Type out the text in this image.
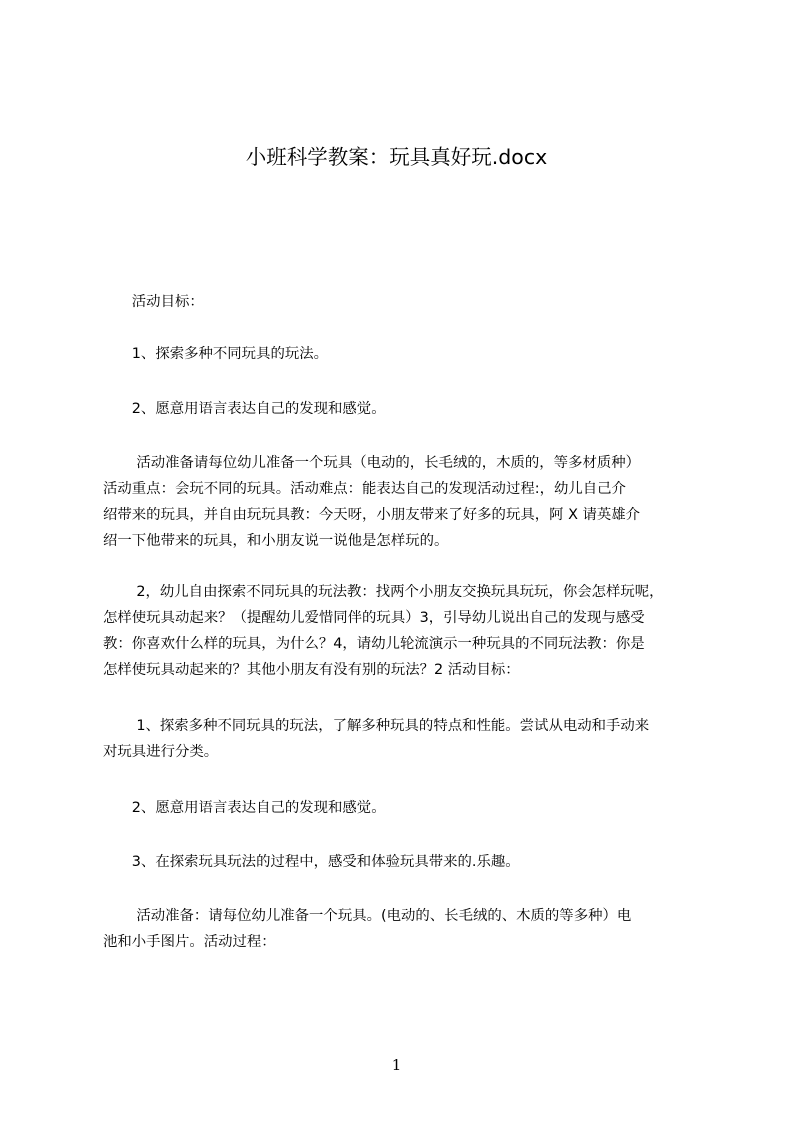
小班科学教案：玩具真好玩.docx
　　活动目标：
　　1、探索多种不同玩具的玩法。
　　2、愿意用语言表达自己的发现和感觉。
　　 活动准备请每位幼儿准备一个玩具（电动的，长毛绒的，木质的，等多材质种）
活动重点：会玩不同的玩具。活动难点：能表达自己的发现活动过程:，幼儿自己介
绍带来的玩具，并自由玩玩具教：今天呀，小朋友带来了好多的玩具，阿 X 请英雄介
绍一下他带来的玩具，和小朋友说一说他是怎样玩的。
　　 2，幼儿自由探索不同玩具的玩法教：找两个小朋友交换玩具玩玩，你会怎样玩呢，
怎样使玩具动起来？（提醒幼儿爱惜同伴的玩具）3，引导幼儿说出自己的发现与感受
教：你喜欢什么样的玩具，为什么？4，请幼儿轮流演示一种玩具的不同玩法教：你是
怎样使玩具动起来的？其他小朋友有没有别的玩法？2 活动目标：
　　 1、探索多种不同玩具的玩法，了解多种玩具的特点和性能。尝试从电动和手动来
对玩具进行分类。
　　2、愿意用语言表达自己的发现和感觉。
　　3、在探索玩具玩法的过程中，感受和体验玩具带来的.乐趣。
　　 活动准备：请每位幼儿准备一个玩具。(电动的、长毛绒的、木质的等多种）电
池和小手图片。活动过程：
1
